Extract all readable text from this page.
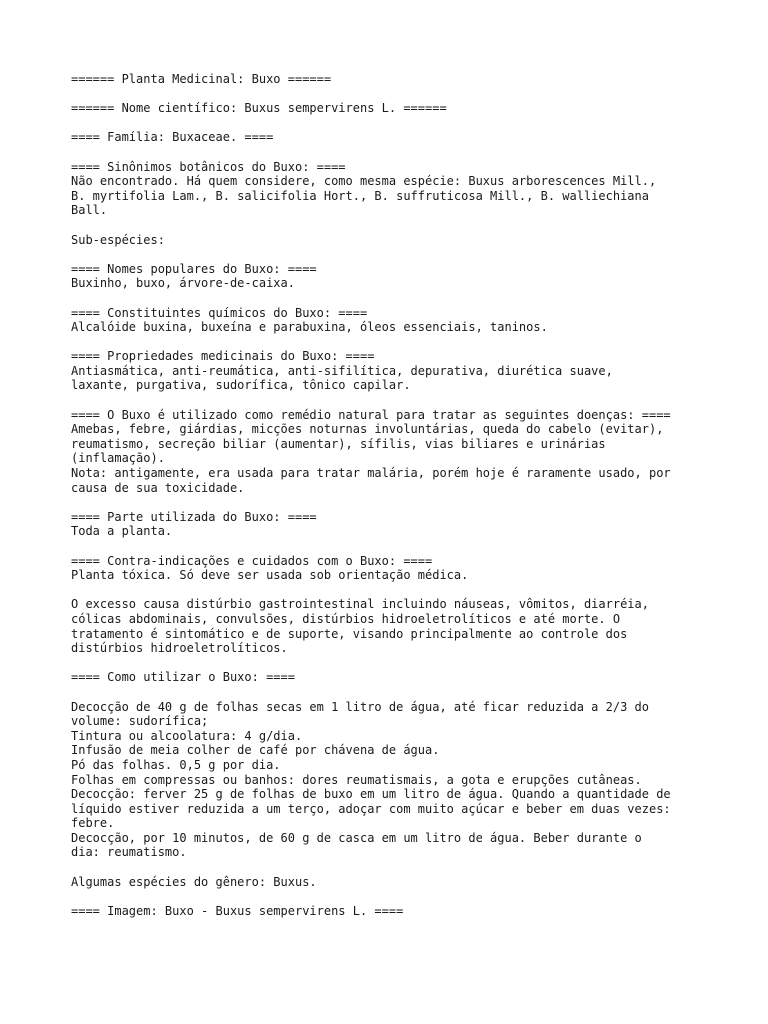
====== Planta Medicinal: Buxo ======
====== Nome científico: Buxus sempervirens L. ======
==== Família: Buxaceae. ====
==== Sinônimos botânicos do Buxo: ====
Não encontrado. Há quem considere, como mesma espécie: Buxus arborescences Mill.,
B. myrtifolia Lam., B. salicifolia Hort., B. suffruticosa Mill., B. walliechiana
Ball.
Sub-espécies:
==== Nomes populares do Buxo: ====
Buxinho, buxo, árvore-de-caixa.
==== Constituintes químicos do Buxo: ====
Alcalóide buxina, buxeína e parabuxina, óleos essenciais, taninos.
==== Propriedades medicinais do Buxo: ====
Antiasmática, anti-reumática, anti-sifilítica, depurativa, diurética suave,
laxante, purgativa, sudorífica, tônico capilar.
==== O Buxo é utilizado como remédio natural para tratar as seguintes doenças: ====
Amebas, febre, giárdias, micções noturnas involuntárias, queda do cabelo (evitar),
reumatismo, secreção biliar (aumentar), sífilis, vias biliares e urinárias
(inflamação).
Nota: antigamente, era usada para tratar malária, porém hoje é raramente usado, por
causa de sua toxicidade.
==== Parte utilizada do Buxo: ====
Toda a planta.
==== Contra-indicações e cuidados com o Buxo: ====
Planta tóxica. Só deve ser usada sob orientação médica.
O excesso causa distúrbio gastrointestinal incluindo náuseas, vômitos, diarréia,
cólicas abdominais, convulsões, distúrbios hidroeletrolíticos e até morte. O
tratamento é sintomático e de suporte, visando principalmente ao controle dos
distúrbios hidroeletrolíticos.
==== Como utilizar o Buxo: ====
Decocção de 40 g de folhas secas em 1 litro de água, até ficar reduzida a 2/3 do
volume: sudorífica;
Tintura ou alcoolatura: 4 g/dia.
Infusão de meia colher de café por chávena de água.
Pó das folhas. 0,5 g por dia.
Folhas em compressas ou banhos: dores reumatismais, a gota e erupções cutâneas.
Decocção: ferver 25 g de folhas de buxo em um litro de água. Quando a quantidade de
líquido estiver reduzida a um terço, adoçar com muito açúcar e beber em duas vezes:
febre.
Decocção, por 10 minutos, de 60 g de casca em um litro de água. Beber durante o
dia: reumatismo.
Algumas espécies do gênero: Buxus.
==== Imagem: Buxo - Buxus sempervirens L. ====
